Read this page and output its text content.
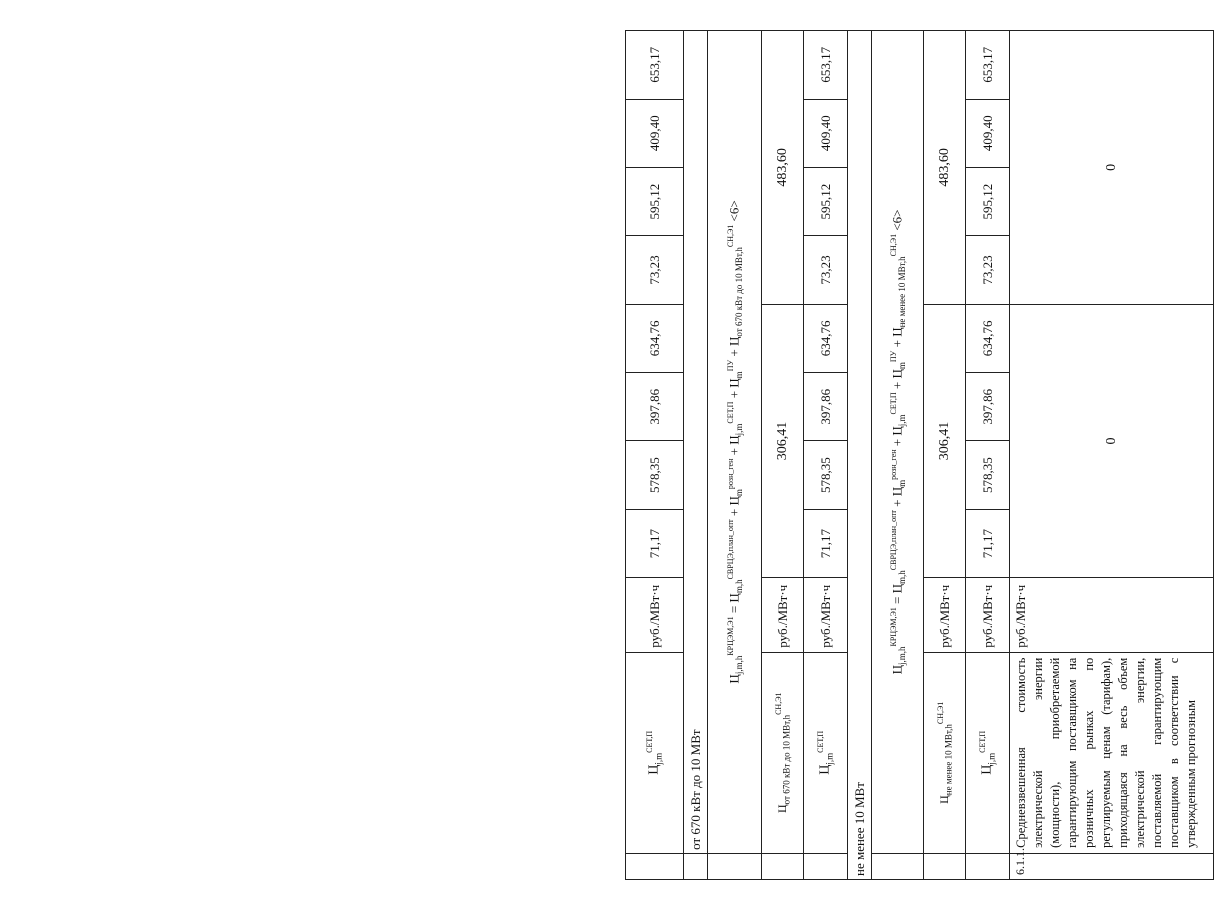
	$Ц_{j,m}^{СЕТ,П}$	руб./МВт·ч	71,17	578,35	397,86	634,76	73,23	595,12	409,40	653,17
	от 670 кВт до 10 МВт									
	$Ц_{j,m,h}^{КРЦЭМ,Э1} = Ц_{m,h}^{СВРЦЭ,план\_опт} + Ц_m^{розн\_ген} + Ц_{j,m}^{СЕТ,П} + Ц_m^{ПУ} + Ц_{от 670 кВт до 10 МВт,h}^{СН,Э1} <6>$									
	$Ц_{от 670 кВт до 10 МВт,h}^{СН,Э1}$	руб./МВт·ч	306,41				483,60			
	$Ц_{j,m}^{СЕТ,П}$	руб./МВт·ч	71,17	578,35	397,86	634,76	73,23	595,12	409,40	653,17
не менее 10 МВт										
	$Ц_{j,m,h}^{КРЦЭМ,Э1} = Ц_{m,h}^{СВРЦЭ,план\_опт} + Ц_m^{розн\_ген} + Ц_{j,m}^{СЕТ,П} + Ц_m^{ПУ} + Ц_{не менее 10 МВт,h}^{СН,Э1} <6>$									
	$Ц_{не менее 10 МВт,h}^{СН,Э1}$	руб./МВт·ч	306,41				483,60			
	$Ц_{j,m}^{СЕТ,П}$	руб./МВт·ч	71,17	578,35	397,86	634,76	73,23	595,12	409,40	653,17
6.1.1.	Средневзвешенная стоимость электрической энергии (мощности), приобретаемой гарантирующим поставщиком на розничных рынках по регулируемым ценам (тарифам), приходящаяся на весь объем электрической энергии, поставляемой гарантирующим поставщиком в соответствии с утвержденным прогнозным	руб./МВт·ч	0				0			
